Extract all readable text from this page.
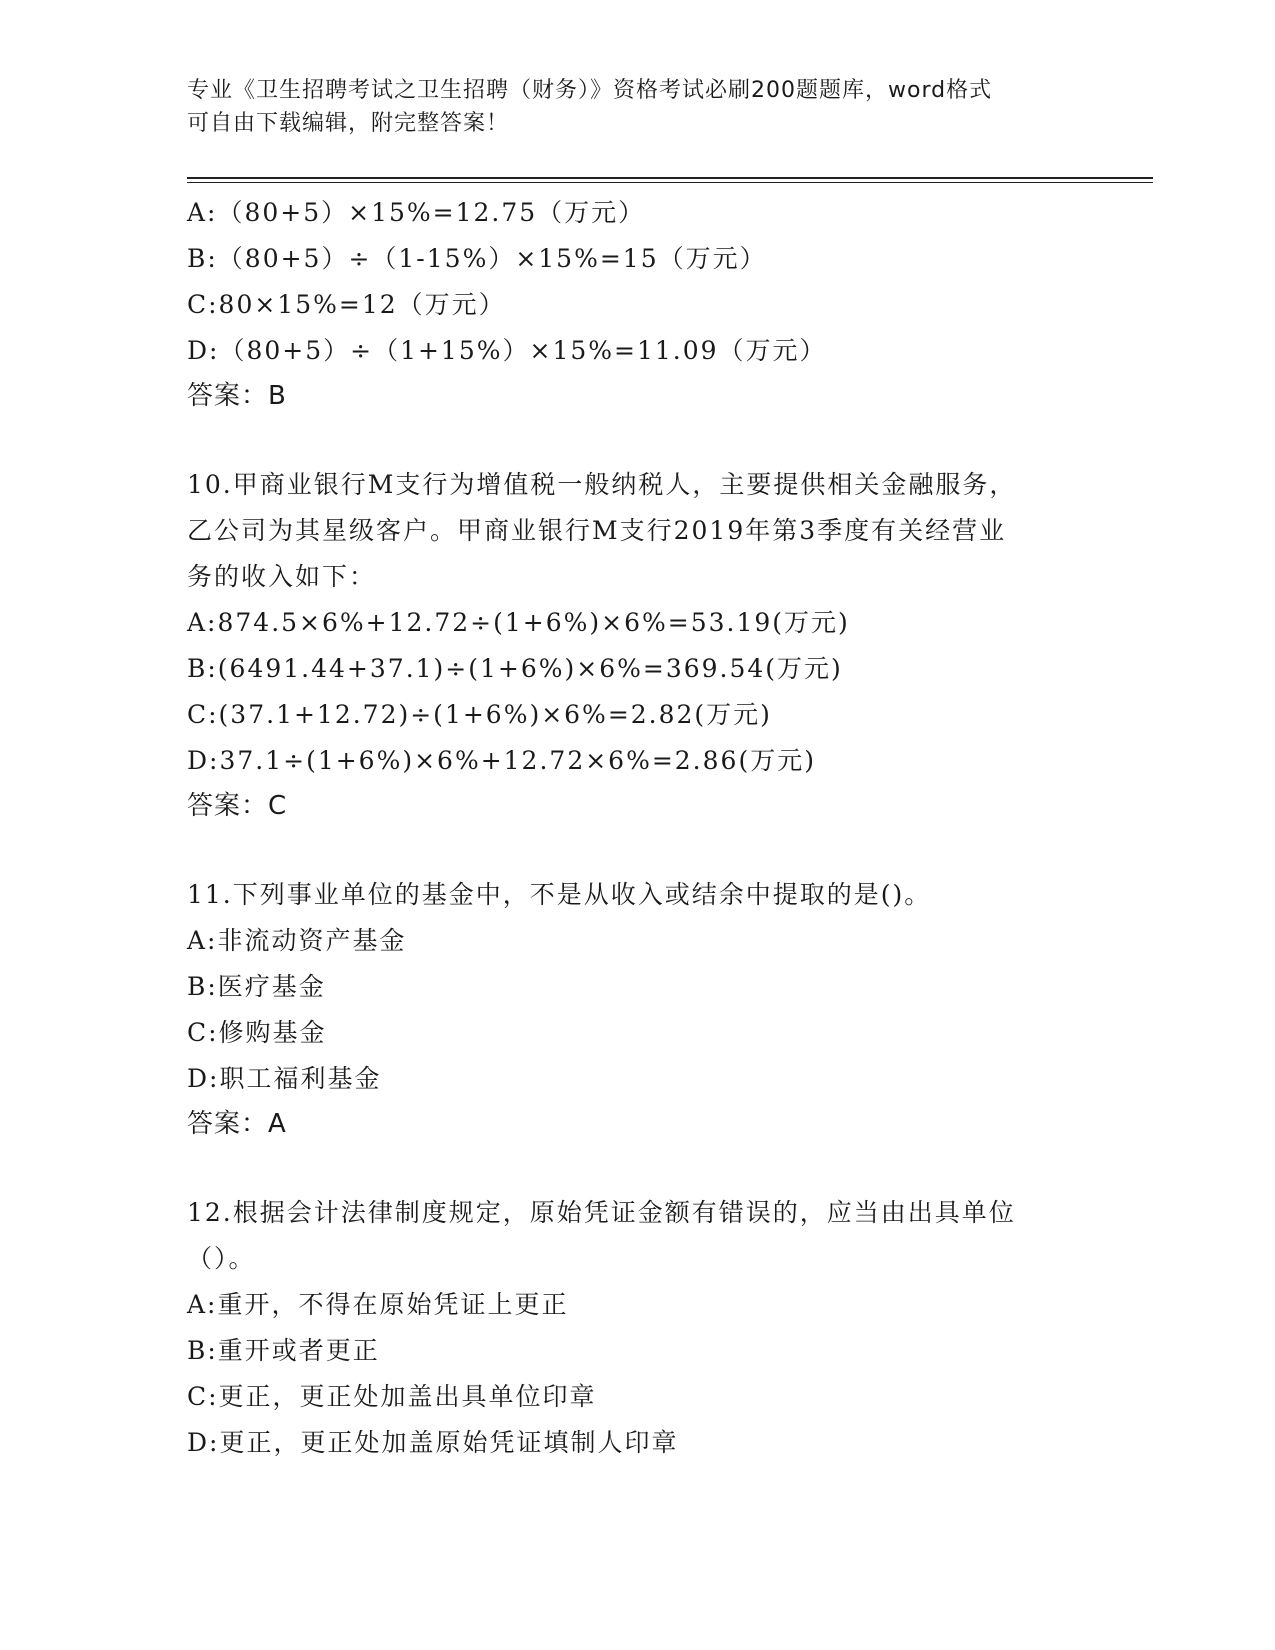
专业《卫生招聘考试之卫生招聘（财务）》资格考试必刷200题题库，word格式
可自由下载编辑，附完整答案！
A:（80+5）×15%=12.75（万元）
B:（80+5）÷（1-15%）×15%=15（万元）
C:80×15%=12（万元）
D:（80+5）÷（1+15%）×15%=11.09（万元）
答案：B
10.甲商业银行M支行为增值税一般纳税人，主要提供相关金融服务，
乙公司为其星级客户。甲商业银行M支行2019年第3季度有关经营业
务的收入如下：
A:874.5×6%+12.72÷(1+6%)×6%=53.19(万元)
B:(6491.44+37.1)÷(1+6%)×6%=369.54(万元)
C:(37.1+12.72)÷(1+6%)×6%=2.82(万元)
D:37.1÷(1+6%)×6%+12.72×6%=2.86(万元)
答案：C
11.下列事业单位的基金中，不是从收入或结余中提取的是()。
A:非流动资产基金
B:医疗基金
C:修购基金
D:职工福利基金
答案：A
12.根据会计法律制度规定，原始凭证金额有错误的，应当由出具单位
（）。
A:重开，不得在原始凭证上更正
B:重开或者更正
C:更正，更正处加盖出具单位印章
D:更正，更正处加盖原始凭证填制人印章
